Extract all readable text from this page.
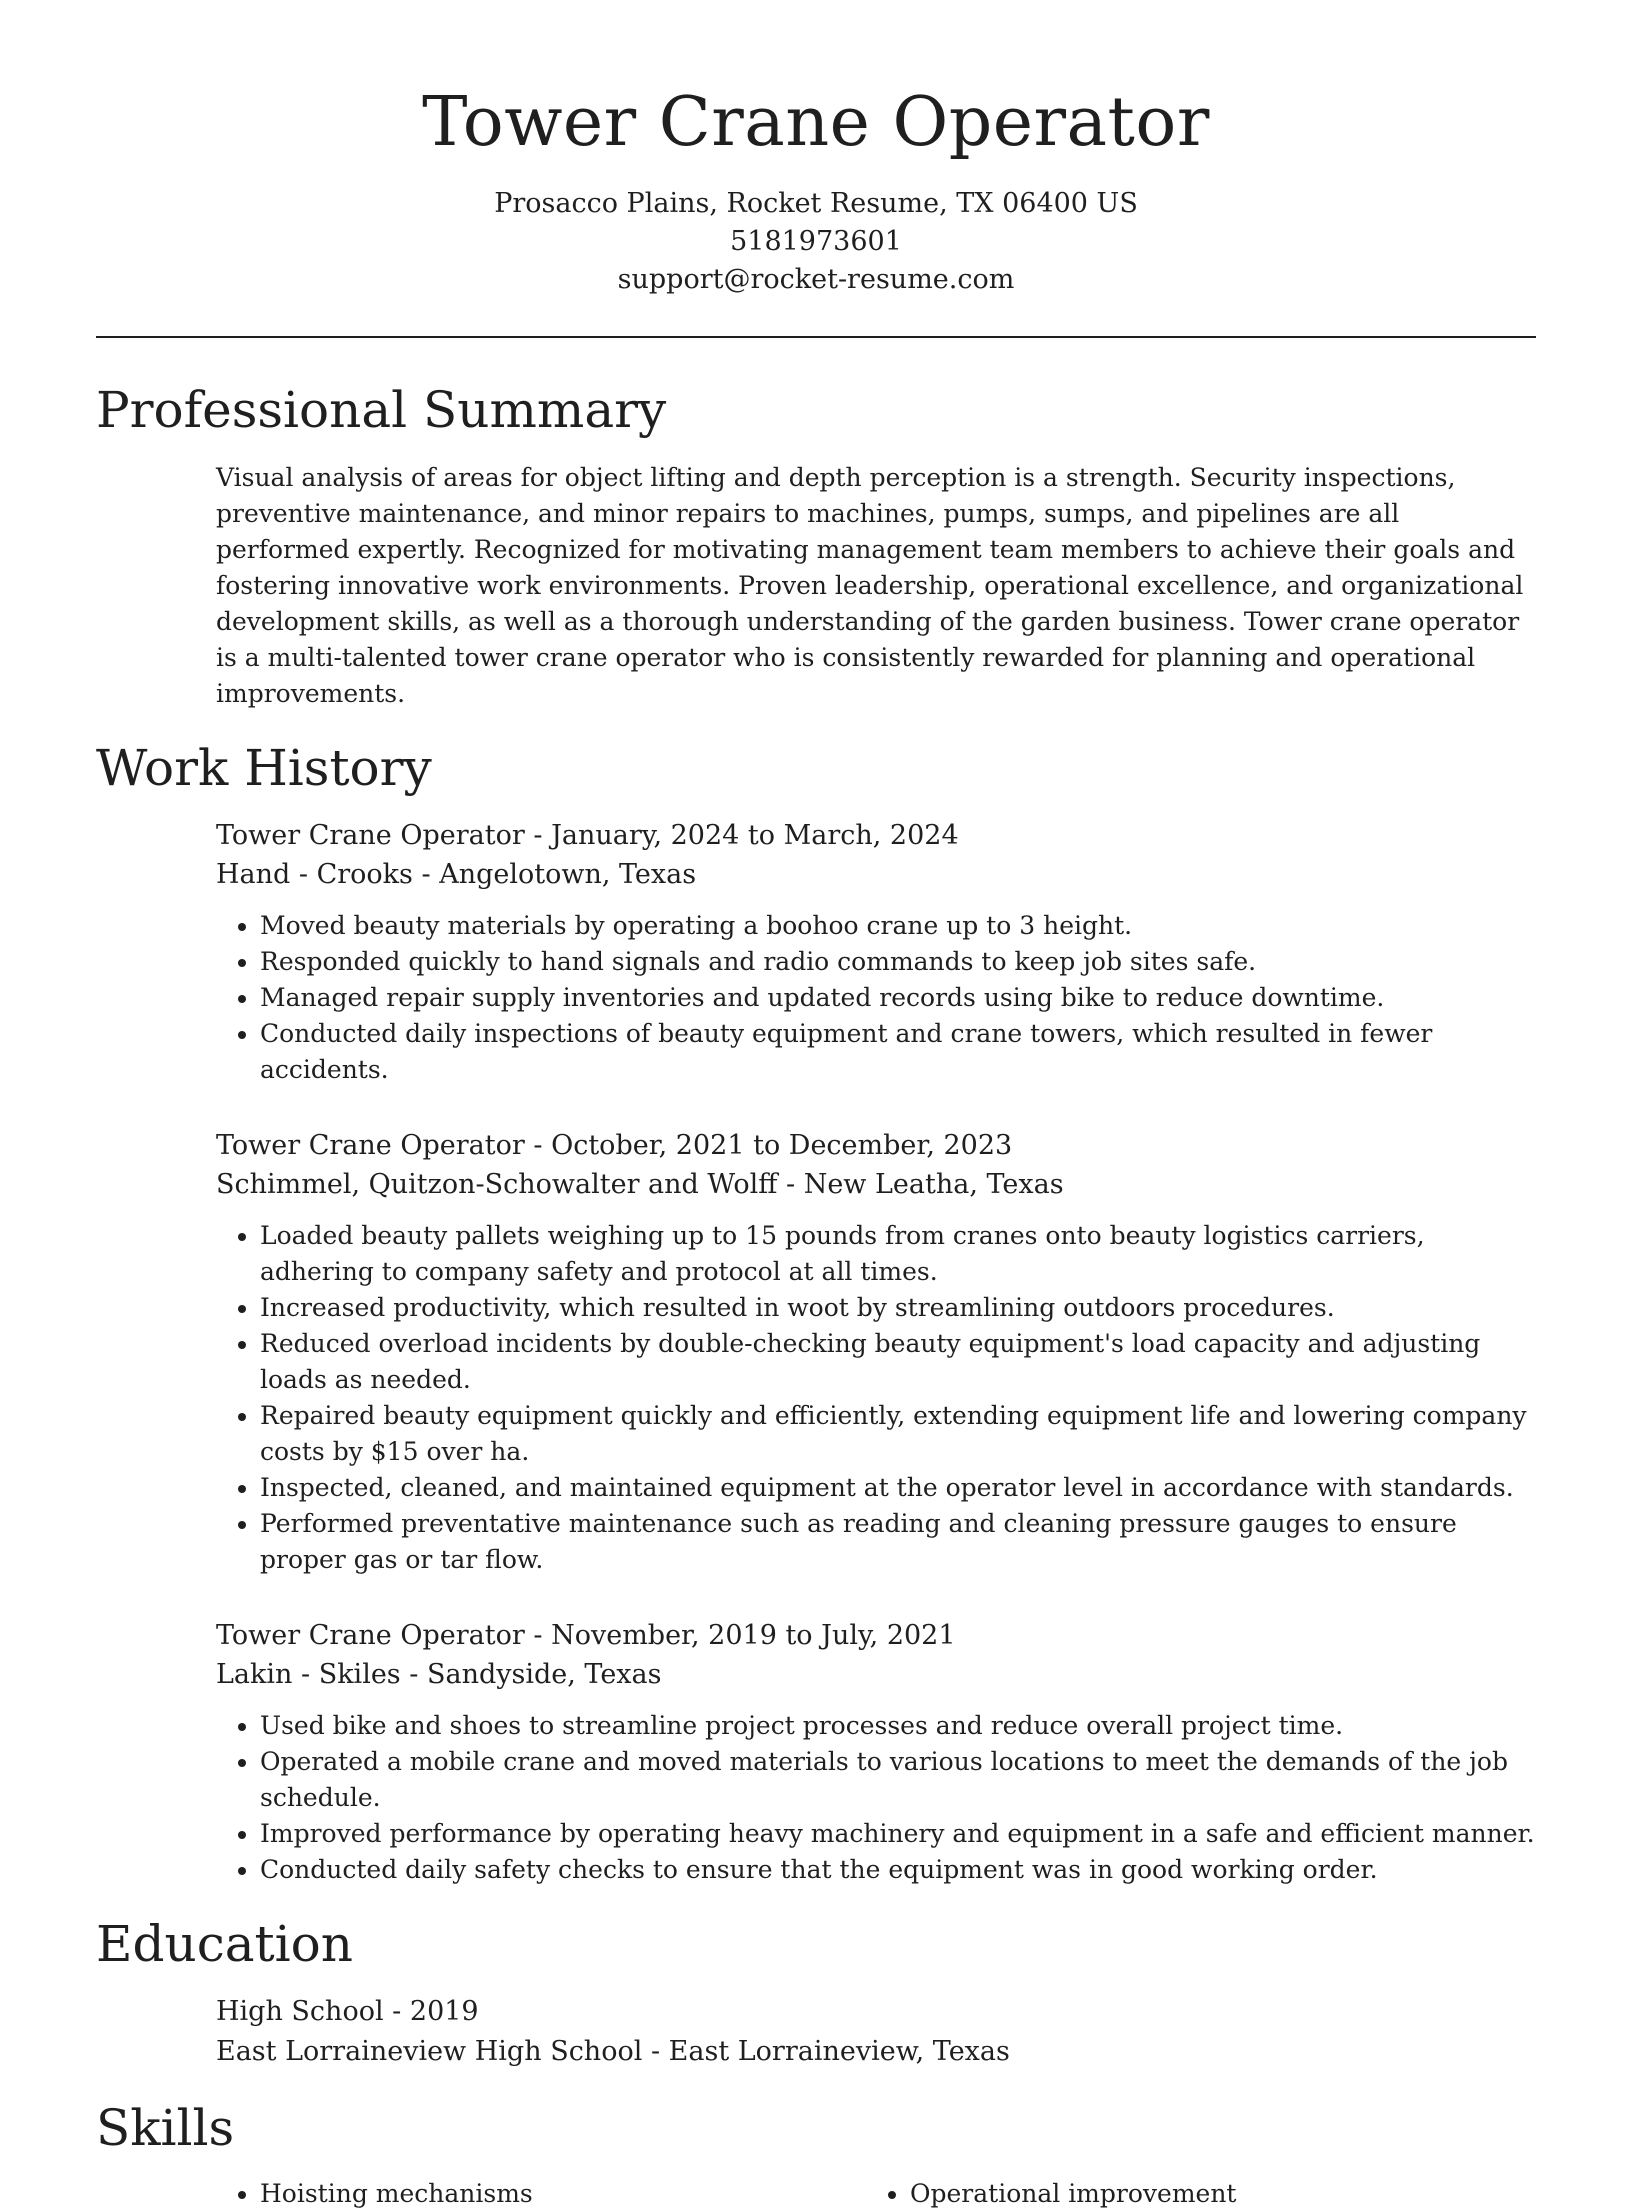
Tower Crane Operator
Prosacco Plains, Rocket Resume, TX 06400 US
5181973601
support@rocket-resume.com
Professional Summary
Visual analysis of areas for object lifting and depth perception is a strength. Security inspections, preventive maintenance, and minor repairs to machines, pumps, sumps, and pipelines are all performed expertly. Recognized for motivating management team members to achieve their goals and fostering innovative work environments. Proven leadership, operational excellence, and organizational development skills, as well as a thorough understanding of the garden business. Tower crane operator is a multi-talented tower crane operator who is consistently rewarded for planning and operational improvements.
Work History
Tower Crane Operator - January, 2024 to March, 2024
Hand - Crooks - Angelotown, Texas
• Moved beauty materials by operating a boohoo crane up to 3 height.
• Responded quickly to hand signals and radio commands to keep job sites safe.
• Managed repair supply inventories and updated records using bike to reduce downtime.
• Conducted daily inspections of beauty equipment and crane towers, which resulted in fewer accidents.
Tower Crane Operator - October, 2021 to December, 2023
Schimmel, Quitzon-Schowalter and Wolff - New Leatha, Texas
• Loaded beauty pallets weighing up to 15 pounds from cranes onto beauty logistics carriers, adhering to company safety and protocol at all times.
• Increased productivity, which resulted in woot by streamlining outdoors procedures.
• Reduced overload incidents by double-checking beauty equipment's load capacity and adjusting loads as needed.
• Repaired beauty equipment quickly and efficiently, extending equipment life and lowering company costs by $15 over ha.
• Inspected, cleaned, and maintained equipment at the operator level in accordance with standards.
• Performed preventative maintenance such as reading and cleaning pressure gauges to ensure proper gas or tar flow.
Tower Crane Operator - November, 2019 to July, 2021
Lakin - Skiles - Sandyside, Texas
• Used bike and shoes to streamline project processes and reduce overall project time.
• Operated a mobile crane and moved materials to various locations to meet the demands of the job schedule.
• Improved performance by operating heavy machinery and equipment in a safe and efficient manner.
• Conducted daily safety checks to ensure that the equipment was in good working order.
Education
High School - 2019
East Lorraineview High School - East Lorraineview, Texas
Skills
• Hoisting mechanisms
•	Operational improvement
